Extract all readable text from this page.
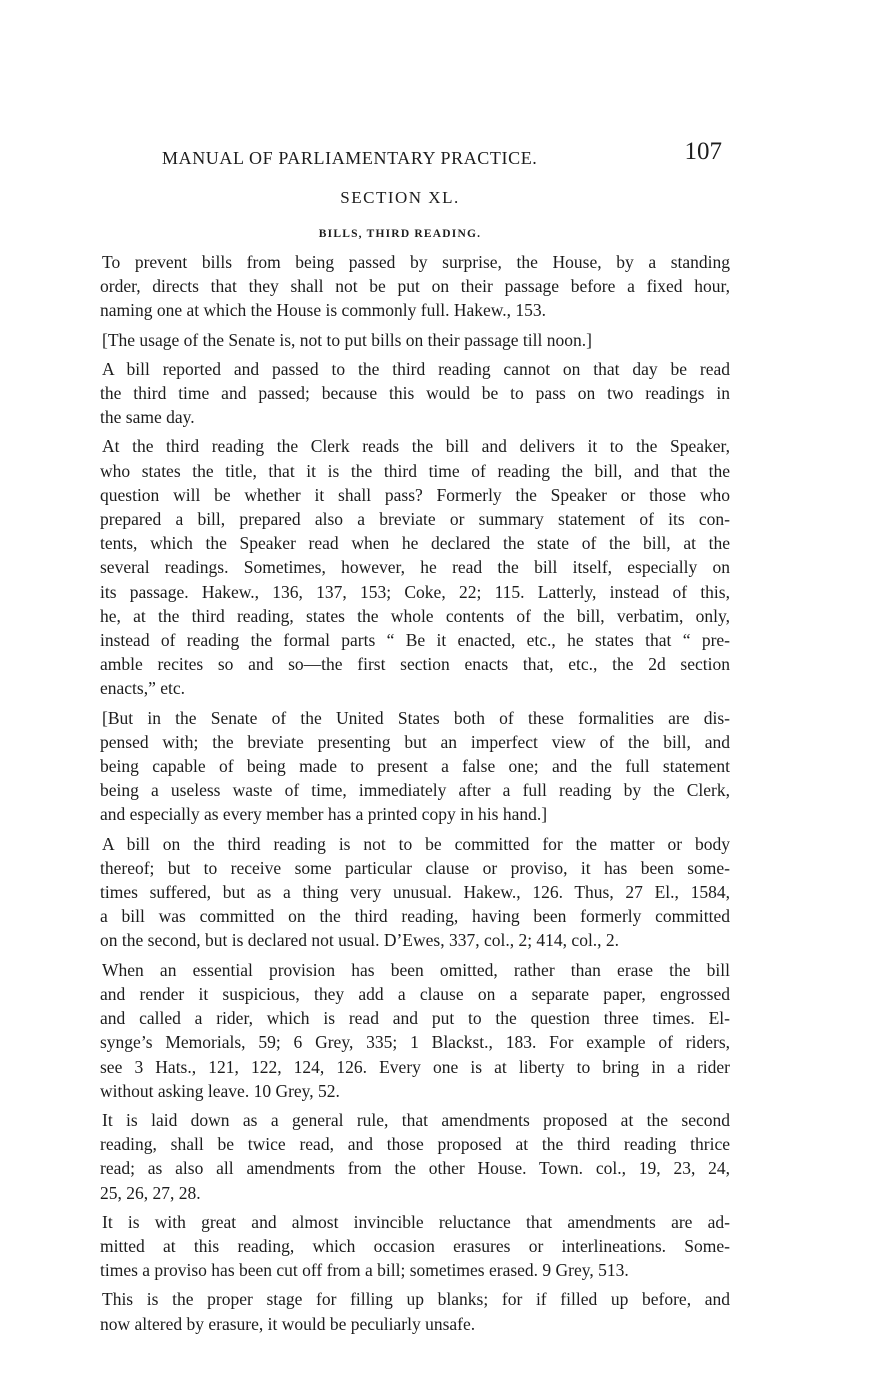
MANUAL OF PARLIAMENTARY PRACTICE.	107
SECTION XL.
BILLS, THIRD READING.
To prevent bills from being passed by surprise, the House, by a standing
order, directs that they shall not be put on their passage before a fixed hour,
naming one at which the House is commonly full. Hakew., 153.
[The usage of the Senate is, not to put bills on their passage till noon.]
A bill reported and passed to the third reading cannot on that day be read
the third time and passed; because this would be to pass on two readings in
the same day.
At the third reading the Clerk reads the bill and delivers it to the Speaker,
who states the title, that it is the third time of reading the bill, and that the
question will be whether it shall pass? Formerly the Speaker or those who
prepared a bill, prepared also a breviate or summary statement of its con-
tents, which the Speaker read when he declared the state of the bill, at the
several readings. Sometimes, however, he read the bill itself, especially on
its passage. Hakew., 136, 137, 153; Coke, 22; 115. Latterly, instead of this,
he, at the third reading, states the whole contents of the bill, verbatim, only,
instead of reading the formal parts “ Be it enacted, etc., he states that “ pre-
amble recites so and so—the first section enacts that, etc., the 2d section
enacts,” etc.
[But in the Senate of the United States both of these formalities are dis-
pensed with; the breviate presenting but an imperfect view of the bill, and
being capable of being made to present a false one; and the full statement
being a useless waste of time, immediately after a full reading by the Clerk,
and especially as every member has a printed copy in his hand.]
A bill on the third reading is not to be committed for the matter or body
thereof; but to receive some particular clause or proviso, it has been some-
times suffered, but as a thing very unusual. Hakew., 126. Thus, 27 El., 1584,
a bill was committed on the third reading, having been formerly committed
on the second, but is declared not usual. D’Ewes, 337, col., 2; 414, col., 2.
When an essential provision has been omitted, rather than erase the bill
and render it suspicious, they add a clause on a separate paper, engrossed
and called a rider, which is read and put to the question three times. El-
synge’s Memorials, 59; 6 Grey, 335; 1 Blackst., 183. For example of riders,
see 3 Hats., 121, 122, 124, 126. Every one is at liberty to bring in a rider
without asking leave. 10 Grey, 52.
It is laid down as a general rule, that amendments proposed at the second
reading, shall be twice read, and those proposed at the third reading thrice
read; as also all amendments from the other House. Town. col., 19, 23, 24,
25, 26, 27, 28.
It is with great and almost invincible reluctance that amendments are ad-
mitted at this reading, which occasion erasures or interlineations. Some-
times a proviso has been cut off from a bill; sometimes erased. 9 Grey, 513.
This is the proper stage for filling up blanks; for if filled up before, and
now altered by erasure, it would be peculiarly unsafe.
